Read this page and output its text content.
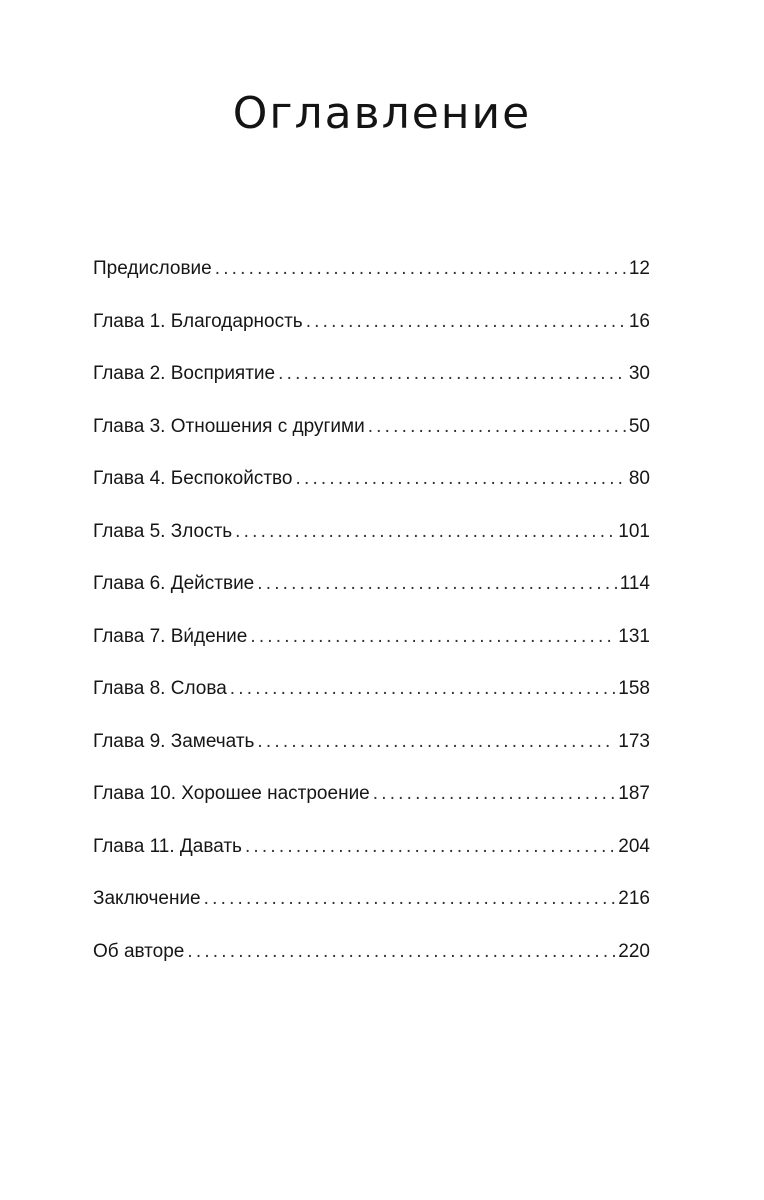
Оглавление
Предисловие .....	12
Глава 1. Благодарность .....	16
Глава 2. Восприятие .....	30
Глава 3. Отношения с другими .....	50
Глава 4. Беспокойство .....	80
Глава 5. Злость .....	101
Глава 6. Действие .....	114
Глава 7. Ви́дение .....	131
Глава 8. Слова .....	158
Глава 9. Замечать .....	173
Глава 10. Хорошее настроение .....	187
Глава 11. Давать .....	204
Заключение .....	216
Об авторе .....	220
